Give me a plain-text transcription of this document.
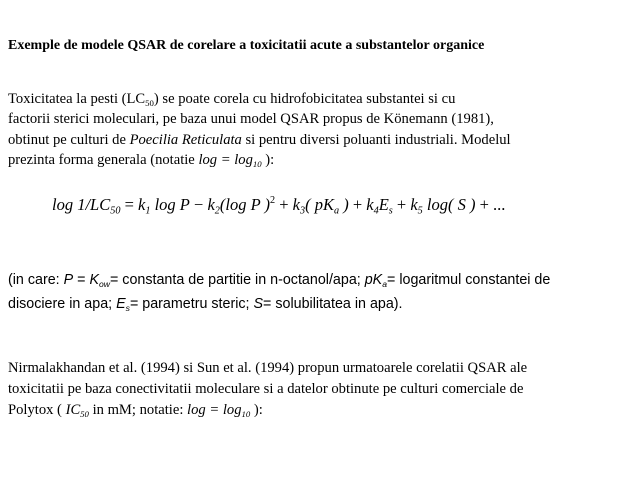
Exemple de modele QSAR de corelare a toxicitatii acute a substantelor organice
Toxicitatea la pesti $(LC_{50})$ se poate corela cu hidrofobicitatea substantei si cu
factorii sterici moleculari, pe baza unui model QSAR propus de Könemann (1981),
obtinut pe culturi de Poecilia Reticulata si pentru diversi poluanti industriali. Modelul
prezinta forma generala (notatie $\log = \log_{10}$ ):
$\log 1/LC_{50} = k_1$ $\log P - k_2(\log$ P )$^2 + k_3$( $pK_a$ ) + $k_4E_s + k_5$ log( S ) + ...
(in care: $P = K_{ow}=$ constanta de partitie in n-octanol/apa; $pK_a=$ logaritmul constantei de
disociere in apa; $E_s=$ parametru steric; S= solubilitatea in apa).
Nirmalakhandan et al. (1994) si Sun et al. (1994) propun urmatoarele corelatii QSAR ale
toxicitatii pe baza conectivitatii moleculare si a datelor obtinute pe culturi comerciale de
Polytox ( $IC_{50}$ in mM; notatie: $\log = \log_{10}$ ):
